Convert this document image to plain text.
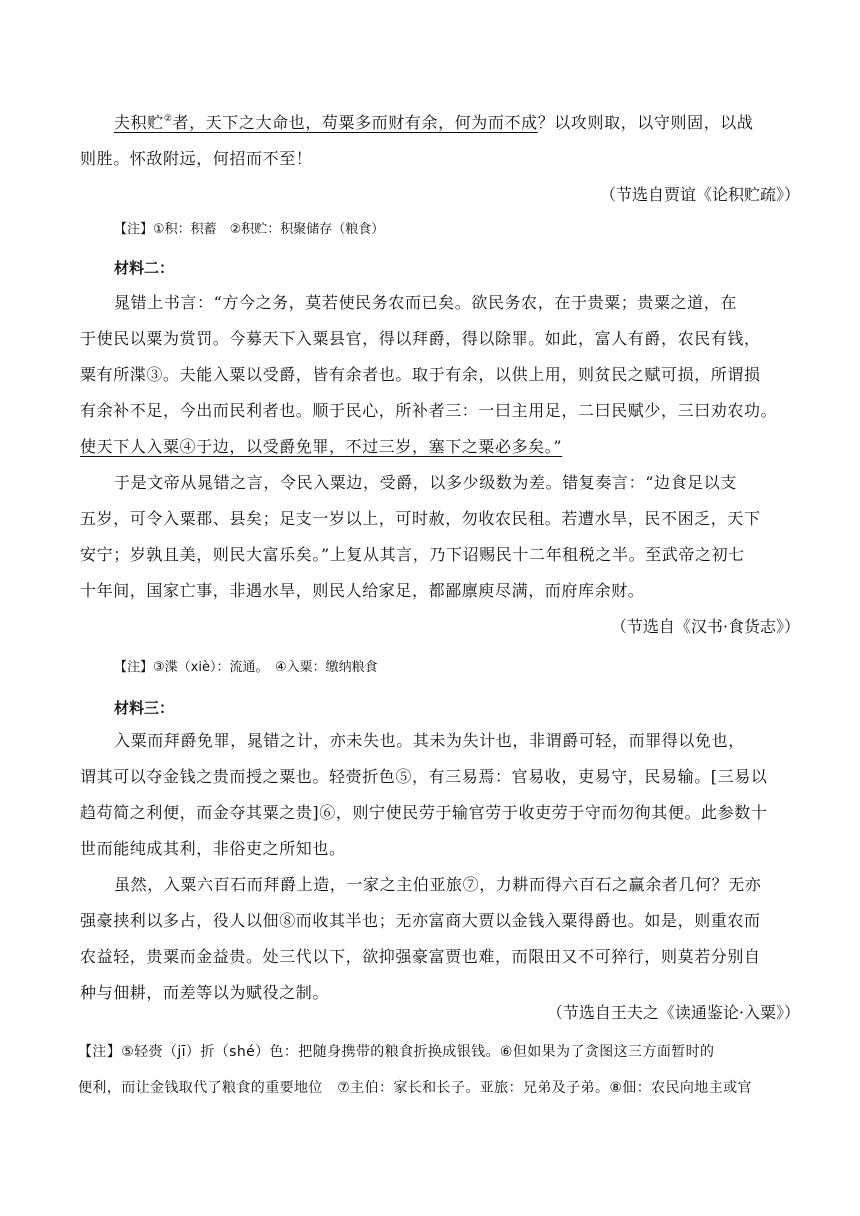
夫积贮②者，天下之大命也，苟粟多而财有余，何为而不成？以攻则取，以守则固，以战
则胜。怀敌附远，何招而不至！
（节选自贾谊《论积贮疏》）
【注】①积：积蓄　②积贮：积聚储存（粮食）
材料二：
晁错上书言：“方今之务，莫若使民务农而已矣。欲民务农，在于贵粟；贵粟之道，在
于使民以粟为赏罚。今募天下入粟县官，得以拜爵，得以除罪。如此，富人有爵，农民有钱，
粟有所渫③。夫能入粟以受爵，皆有余者也。取于有余，以供上用，则贫民之赋可损，所谓损
有余补不足，今出而民利者也。顺于民心，所补者三：一曰主用足，二曰民赋少，三曰劝农功。
使天下人入粟④于边，以受爵免罪，不过三岁，塞下之粟必多矣。”
于是文帝从晁错之言，令民入粟边，受爵，以多少级数为差。错复奏言：“边食足以支
五岁，可令入粟郡、县矣；足支一岁以上，可时赦，勿收农民租。若遭水旱，民不困乏，天下
安宁；岁孰且美，则民大富乐矣。”上复从其言，乃下诏赐民十二年租税之半。至武帝之初七
十年间，国家亡事，非遇水旱，则民人给家足，都鄙廪庾尽满，而府库余财。
（节选自《汉书·食货志》）
【注】③渫（xiè）：流通。　④入粟：缴纳粮食
材料三：
入粟而拜爵免罪，晁错之计，亦未失也。其未为失计也，非谓爵可轻，而罪得以免也，
谓其可以夺金钱之贵而授之粟也。轻赍折色⑤，有三易焉：官易收，吏易守，民易输。[三易以
趋苟简之利便，而金夺其粟之贵]⑥，则宁使民劳于输官劳于收吏劳于守而勿徇其便。此参数十
世而能纯成其利，非俗吏之所知也。
虽然，入粟六百石而拜爵上造，一家之主伯亚旅⑦，力耕而得六百石之赢余者几何？无亦
强豪挟利以多占，役人以佃⑧而收其半也；无亦富商大贾以金钱入粟得爵也。如是，则重农而
农益轻，贵粟而金益贵。处三代以下，欲抑强豪富贾也难，而限田又不可猝行，则莫若分别自
种与佃耕，而差等以为赋役之制。
（节选自王夫之《读通鉴论·入粟》）
【注】⑤轻赍（jī）折（shé）色：把随身携带的粮食折换成银钱。⑥但如果为了贪图这三方面暂时的
便利，而让金钱取代了粮食的重要地位　⑦主伯：家长和长子。亚旅：兄弟及子弟。⑧佃：农民向地主或官
